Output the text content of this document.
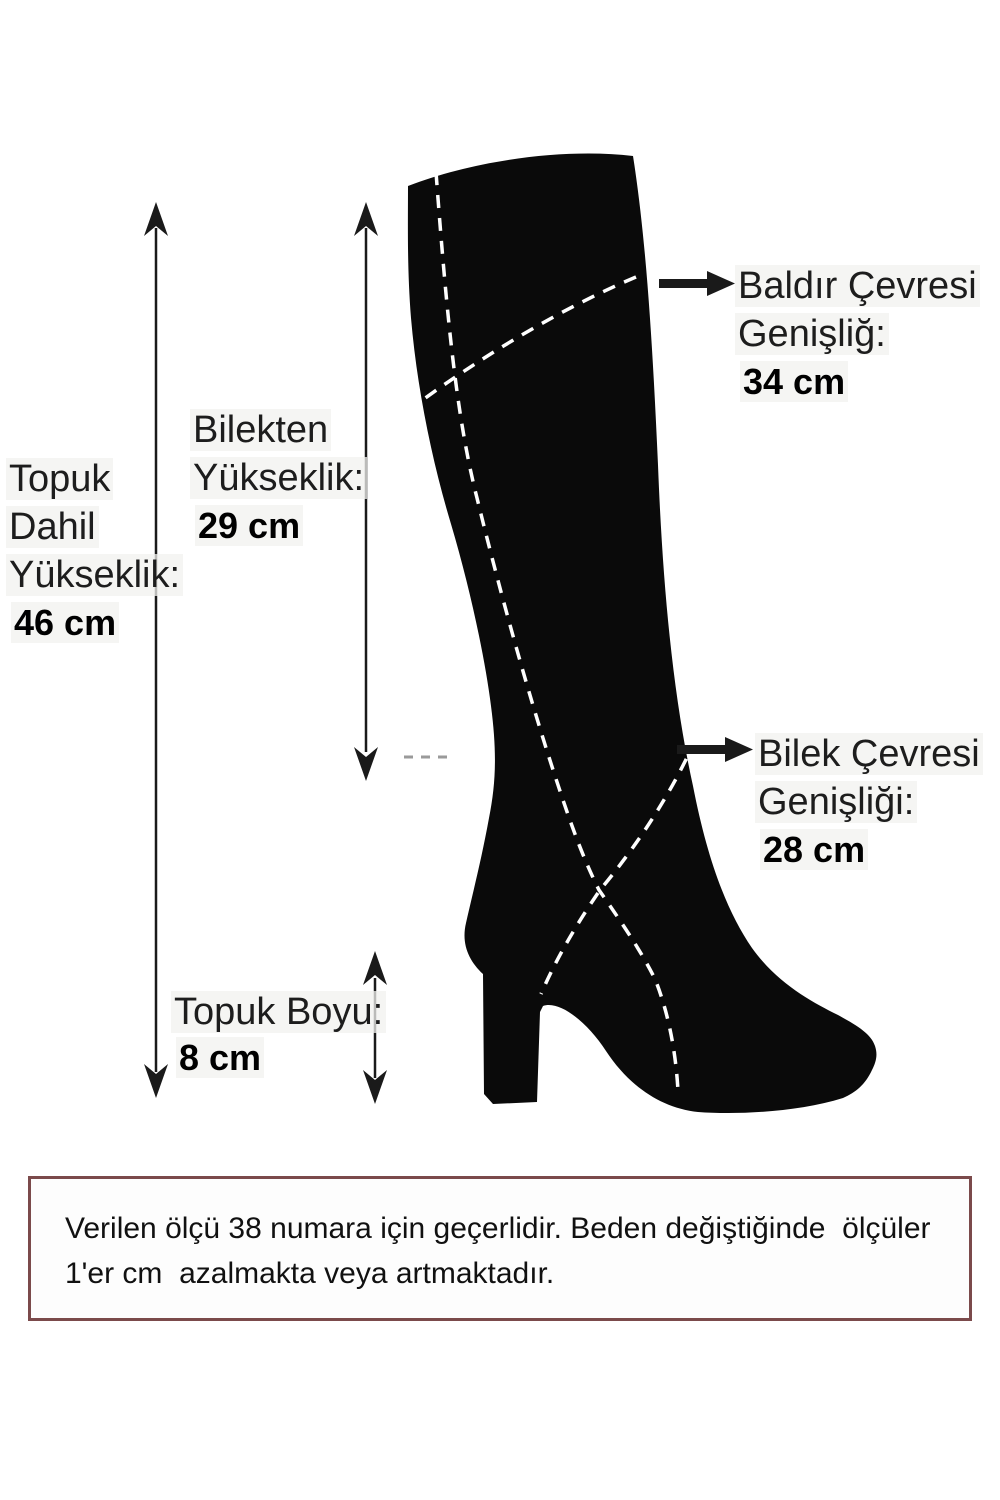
Topuk
Dahil
Yükseklik:
46 cm
Bilekten
Yükseklik:
29 cm
Baldır Çevresi
Genişliğ:
34 cm
Bilek Çevresi
Genişliği:
28 cm
Topuk Boyu:
8 cm
Verilen ölçü 38 numara için geçerlidir. Beden değiştiğinde  ölçüler
1'er cm  azalmakta veya artmaktadır.
